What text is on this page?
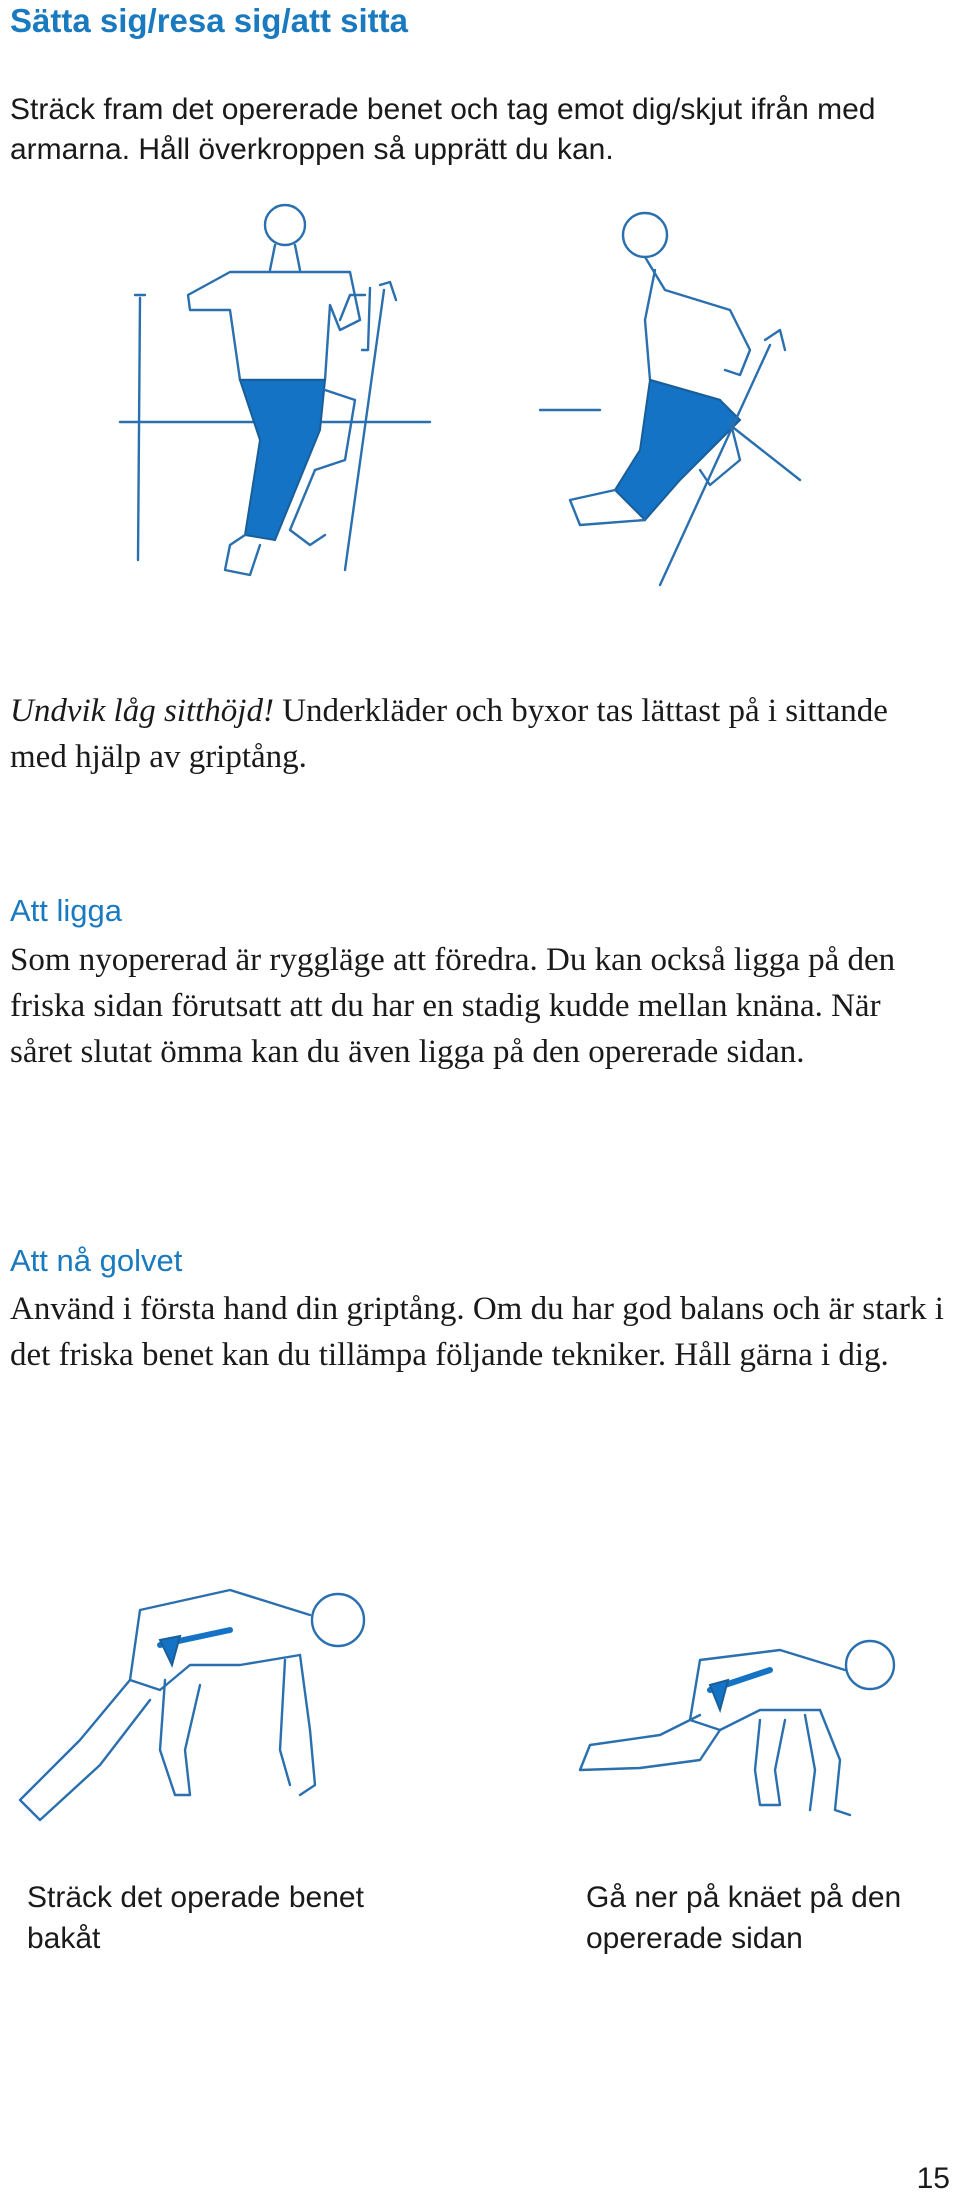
Sätta sig/resa sig/att sitta
Sträck fram det opererade benet och tag emot dig/skjut ifrån med armarna. Håll överkroppen så upprätt du kan.
Undvik låg sitthöjd! Underkläder och byxor tas lättast på i sittande med hjälp av griptång.
Att ligga
Som nyopererad är ryggläge att föredra. Du kan också ligga på den friska sidan förutsatt att du har en stadig kudde mellan knäna. När såret slutat ömma kan du även ligga på den opererade sidan.
Att nå golvet
Använd i första hand din griptång. Om du har god balans och är stark i det friska benet kan du tillämpa följande tekniker. Håll gärna i dig.
Sträck det operade benet bakåt
Gå ner på knäet på den opererade sidan
15
